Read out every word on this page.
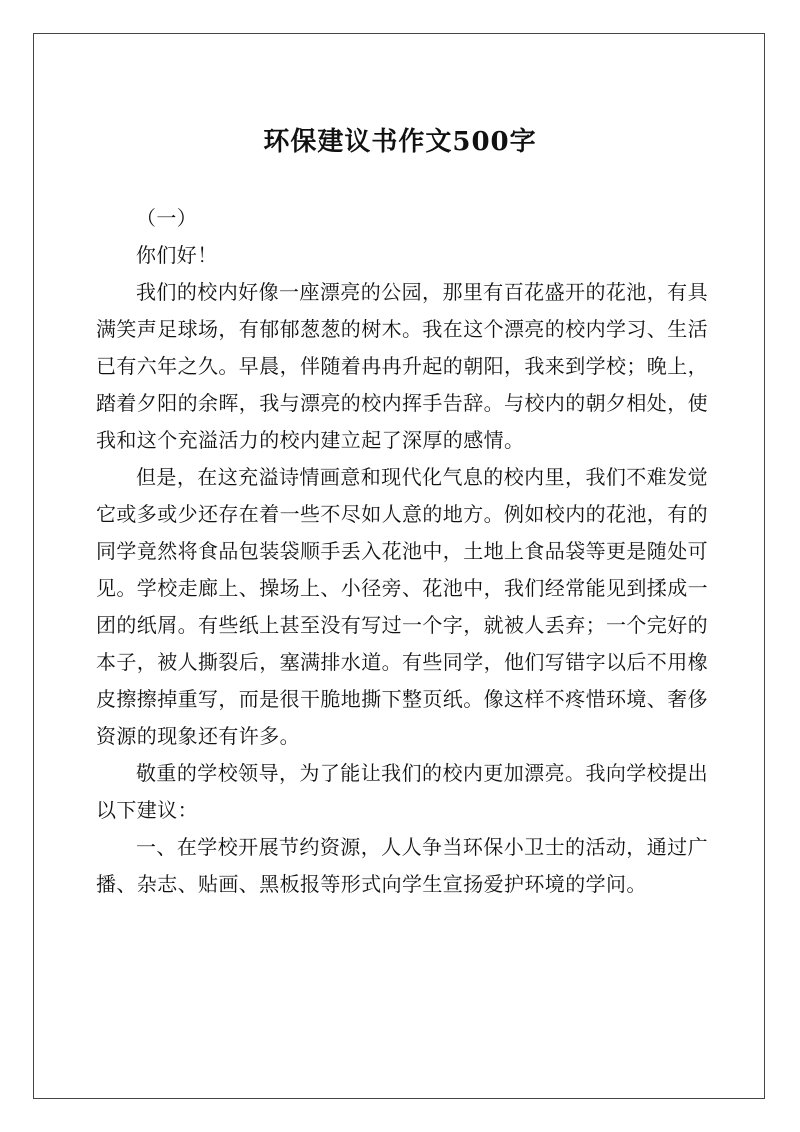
环保建议书作文500字

（一）

你们好！

我们的校内好像一座漂亮的公园，那里有百花盛开的花池，有具满笑声足球场，有郁郁葱葱的树木。我在这个漂亮的校内学习、生活已有六年之久。早晨，伴随着冉冉升起的朝阳，我来到学校；晚上，踏着夕阳的余晖，我与漂亮的校内挥手告辞。与校内的朝夕相处，使我和这个充溢活力的校内建立起了深厚的感情。

但是，在这充溢诗情画意和现代化气息的校内里，我们不难发觉它或多或少还存在着一些不尽如人意的地方。例如校内的花池，有的同学竟然将食品包装袋顺手丢入花池中，土地上食品袋等更是随处可见。学校走廊上、操场上、小径旁、花池中，我们经常能见到揉成一团的纸屑。有些纸上甚至没有写过一个字，就被人丢弃；一个完好的本子，被人撕裂后，塞满排水道。有些同学，他们写错字以后不用橡皮擦擦掉重写，而是很干脆地撕下整页纸。像这样不疼惜环境、奢侈资源的现象还有许多。

敬重的学校领导，为了能让我们的校内更加漂亮。我向学校提出以下建议：

一、在学校开展节约资源，人人争当环保小卫士的活动，通过广播、杂志、贴画、黑板报等形式向学生宣扬爱护环境的学问。
